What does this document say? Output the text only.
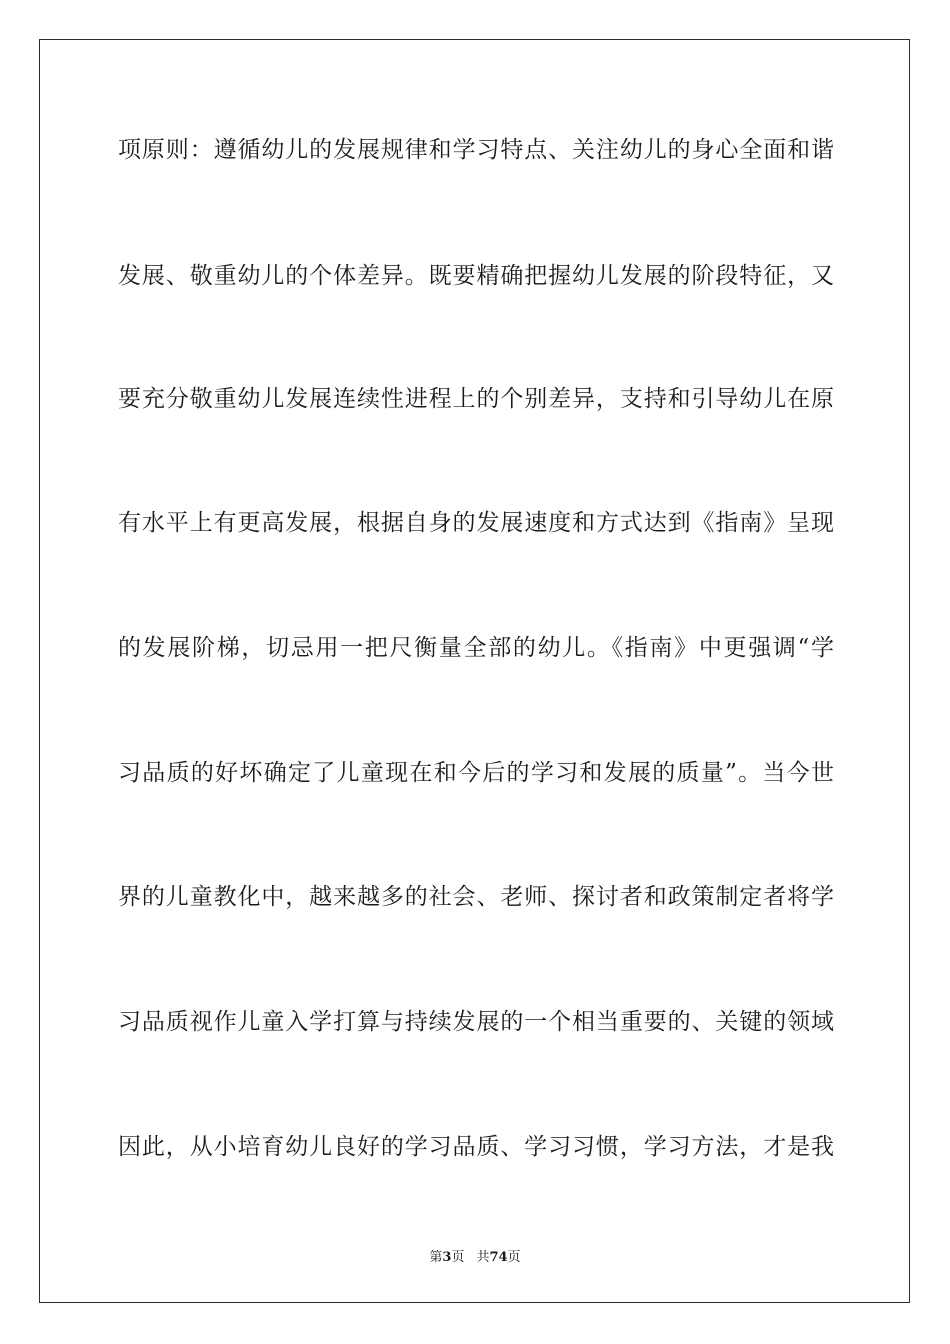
项原则：遵循幼儿的发展规律和学习特点、关注幼儿的身心全面和谐
发展、敬重幼儿的个体差异。既要精确把握幼儿发展的阶段特征，又
要充分敬重幼儿发展连续性进程上的个别差异，支持和引导幼儿在原
有水平上有更高发展，根据自身的发展速度和方式达到《指南》呈现
的发展阶梯，切忌用一把尺衡量全部的幼儿。《指南》中更强调“学
习品质的好坏确定了儿童现在和今后的学习和发展的质量”。当今世
界的儿童教化中，越来越多的社会、老师、探讨者和政策制定者将学
习品质视作儿童入学打算与持续发展的一个相当重要的、关键的领域
因此，从小培育幼儿良好的学习品质、学习习惯，学习方法，才是我
第3页 共74页
